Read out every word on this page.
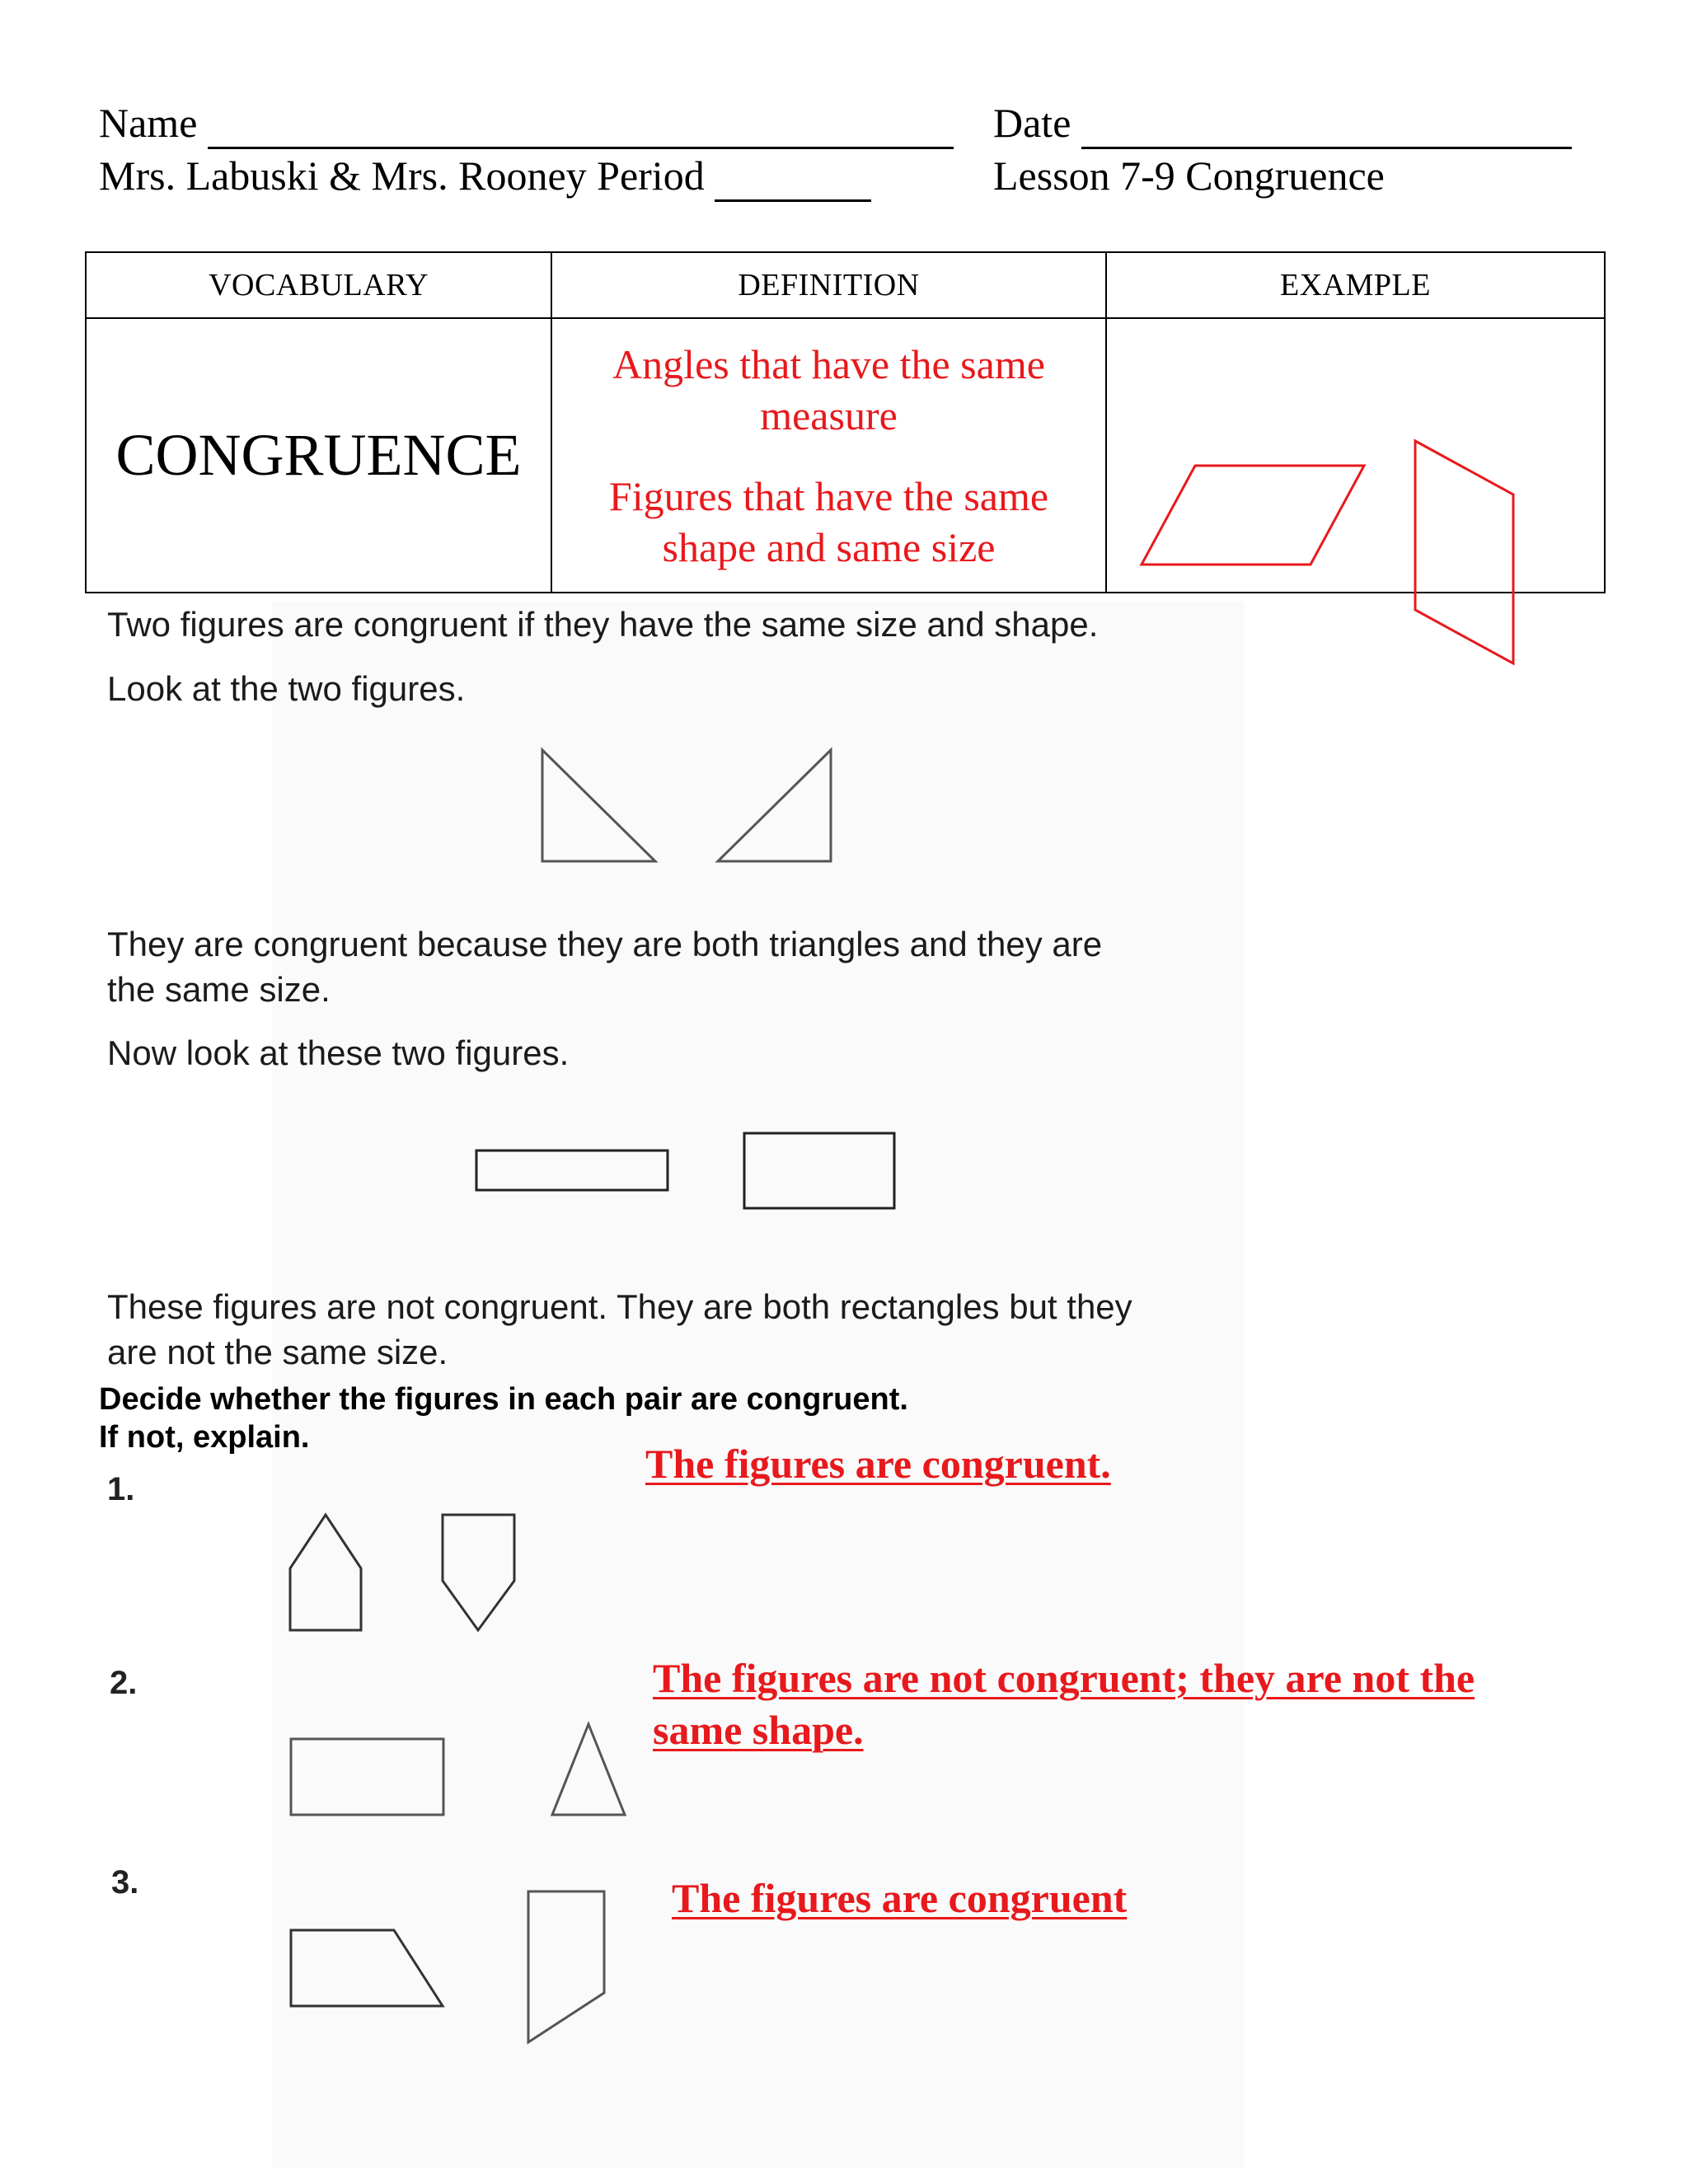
Name	Date
Mrs. Labuski & Mrs. Rooney Period	Lesson 7-9 Congruence
VOCABULARY	DEFINITION	EXAMPLE
CONGRUENCE	Angles that have the same measure
Figures that have the same shape and same size	

Two figures are congruent if they have the same size and shape.
Look at the two figures.
They are congruent because they are both triangles and they are
the same size.
Now look at these two figures.
These figures are not congruent. They are both rectangles but they
are not the same size.
Decide whether the figures in each pair are congruent.
If not, explain.
1.
The figures are congruent.
2.	The figures are not congruent; they are not the
same shape.
3.	The figures are congruent
